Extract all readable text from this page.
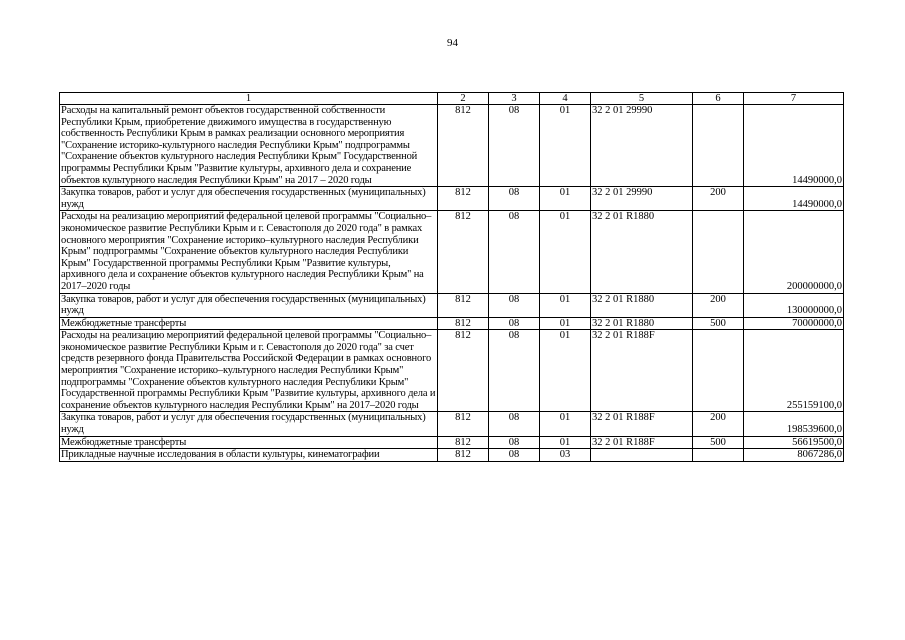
94
1	2	3	4	5	6	7
Расходы на капитальный ремонт объектов государственной собственности Республики Крым, приобретение движимого имущества в государственную собственность Республики Крым в рамках реализации основного мероприятия "Сохранение историко-культурного наследия Республики Крым" подпрограммы "Сохранение объектов культурного наследия Республики Крым" Государственной программы Республики Крым "Развитие культуры, архивного дела и сохранение объектов культурного наследия Республики Крым" на 2017 – 2020 годы	812	08	01	32 2 01 29990		14490000,0
Закупка товаров, работ и услуг для обеспечения государственных (муниципальных) нужд	812	08	01	32 2 01 29990	200	14490000,0
Расходы на реализацию мероприятий федеральной целевой программы "Социально–экономическое развитие Республики Крым и г. Севастополя до 2020 года" в рамках основного мероприятия "Сохранение историко–культурного наследия Республики Крым" подпрограммы "Сохранение объектов культурного наследия Республики Крым" Государственной программы Республики Крым "Развитие культуры, архивного дела и сохранение объектов культурного наследия Республики Крым" на 2017–2020 годы	812	08	01	32 2 01 R1880		200000000,0
Закупка товаров, работ и услуг для обеспечения государственных (муниципальных) нужд	812	08	01	32 2 01 R1880	200	130000000,0
Межбюджетные трансферты	812	08	01	32 2 01 R1880	500	70000000,0
Расходы на реализацию мероприятий федеральной целевой программы "Социально–экономическое развитие Республики Крым и г. Севастополя до 2020 года" за счет средств резервного фонда Правительства Российской Федерации в рамках основного мероприятия "Сохранение историко–культурного наследия Республики Крым" подпрограммы "Сохранение объектов культурного наследия Республики Крым" Государственной программы Республики Крым "Развитие культуры, архивного дела и сохранение объектов культурного наследия Республики Крым" на 2017–2020 годы	812	08	01	32 2 01 R188F		255159100,0
Закупка товаров, работ и услуг для обеспечения государственных (муниципальных) нужд	812	08	01	32 2 01 R188F	200	198539600,0
Межбюджетные трансферты	812	08	01	32 2 01 R188F	500	56619500,0
Прикладные научные исследования в области культуры, кинематографии	812	08	03			8067286,0
